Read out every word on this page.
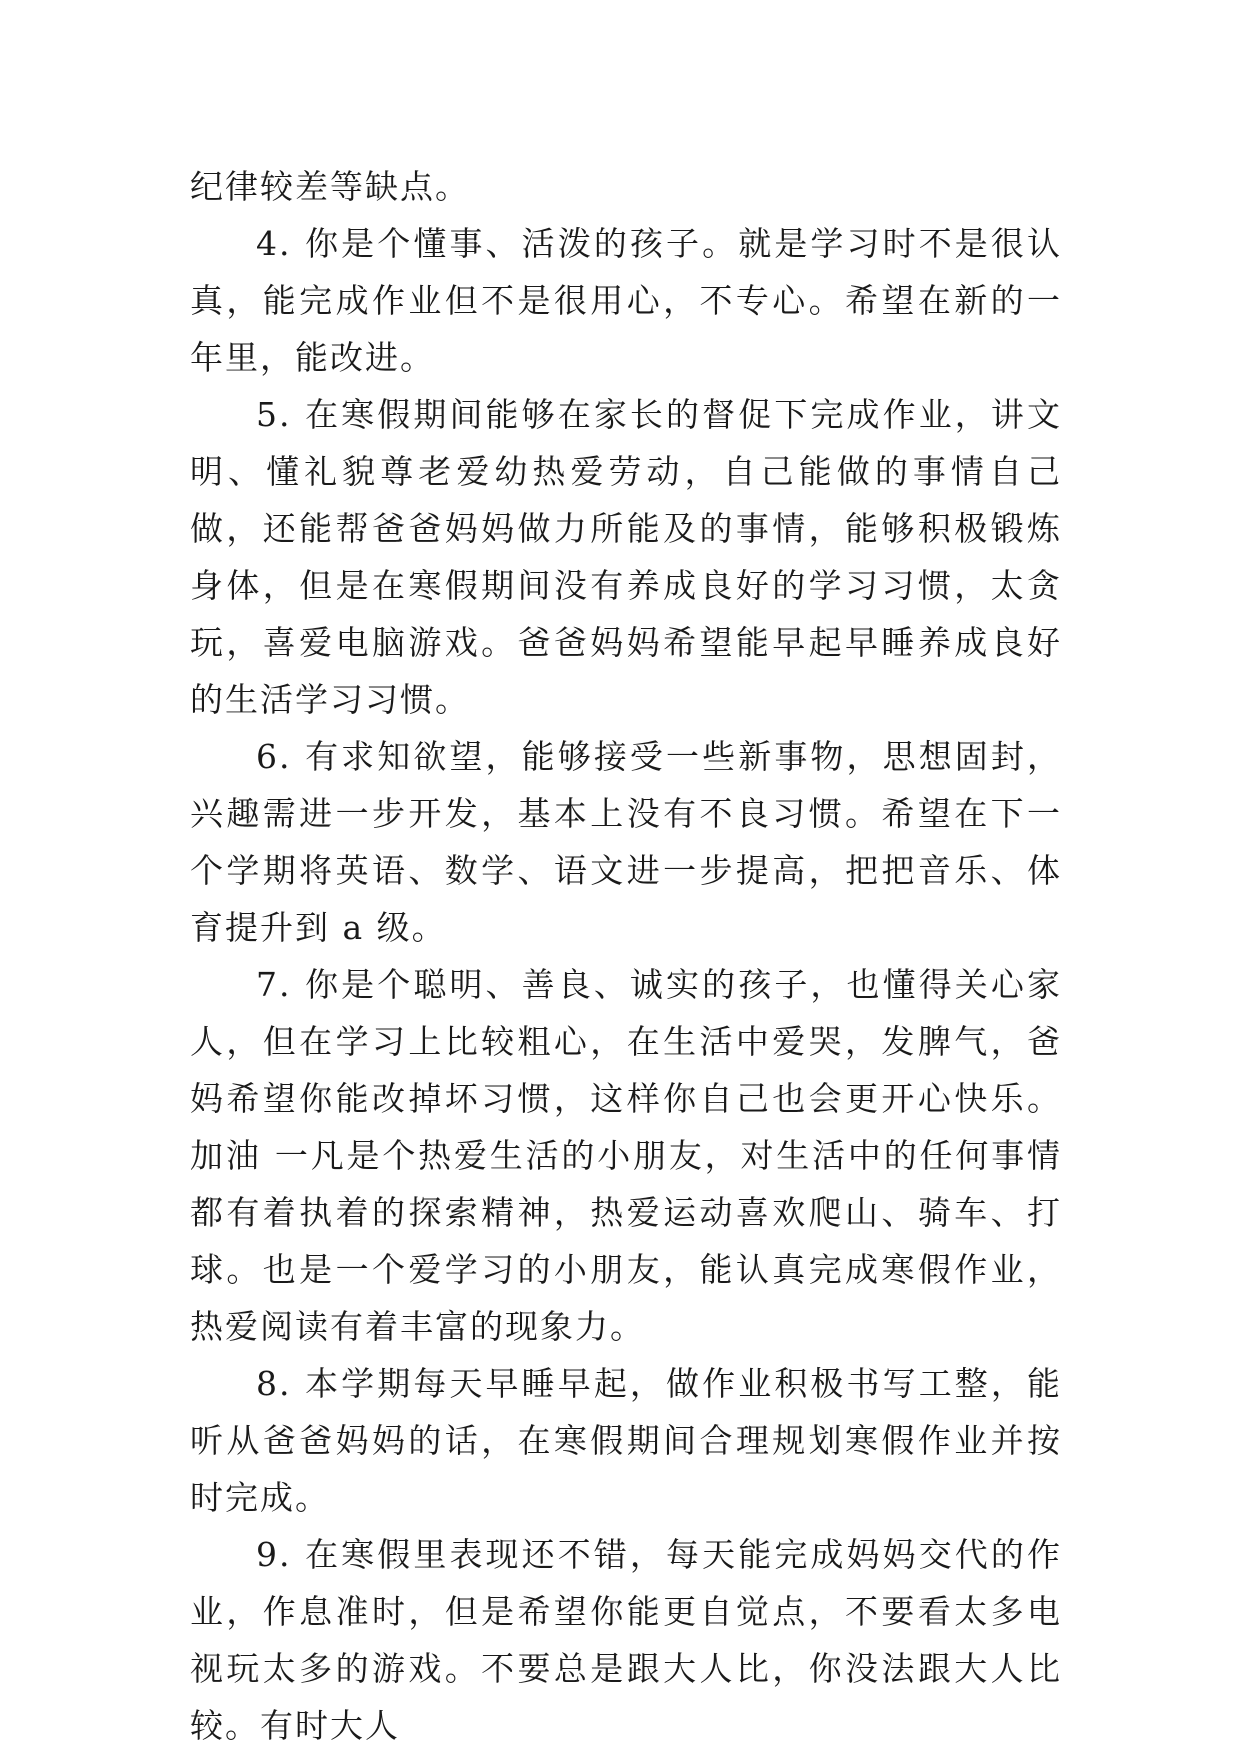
纪律较差等缺点。

4. 你是个懂事、活泼的孩子。就是学习时不是很认真，能完成作业但不是很用心，不专心。希望在新的一年里，能改进。

5. 在寒假期间能够在家长的督促下完成作业，讲文明、懂礼貌尊老爱幼热爱劳动，自己能做的事情自己做，还能帮爸爸妈妈做力所能及的事情，能够积极锻炼身体，但是在寒假期间没有养成良好的学习习惯，太贪玩，喜爱电脑游戏。爸爸妈妈希望能早起早睡养成良好的生活学习习惯。

6. 有求知欲望，能够接受一些新事物，思想固封，兴趣需进一步开发，基本上没有不良习惯。希望在下一个学期将英语、数学、语文进一步提高，把把音乐、体育提升到 a 级。

7. 你是个聪明、善良、诚实的孩子，也懂得关心家人，但在学习上比较粗心，在生活中爱哭，发脾气，爸妈希望你能改掉坏习惯，这样你自己也会更开心快乐。加油 一凡是个热爱生活的小朋友，对生活中的任何事情都有着执着的探索精神，热爱运动喜欢爬山、骑车、打球。也是一个爱学习的小朋友，能认真完成寒假作业，热爱阅读有着丰富的现象力。

8. 本学期每天早睡早起，做作业积极书写工整，能听从爸爸妈妈的话，在寒假期间合理规划寒假作业并按时完成。

9. 在寒假里表现还不错，每天能完成妈妈交代的作业，作息准时，但是希望你能更自觉点，不要看太多电视玩太多的游戏。不要总是跟大人比，你没法跟大人比较。有时大人
